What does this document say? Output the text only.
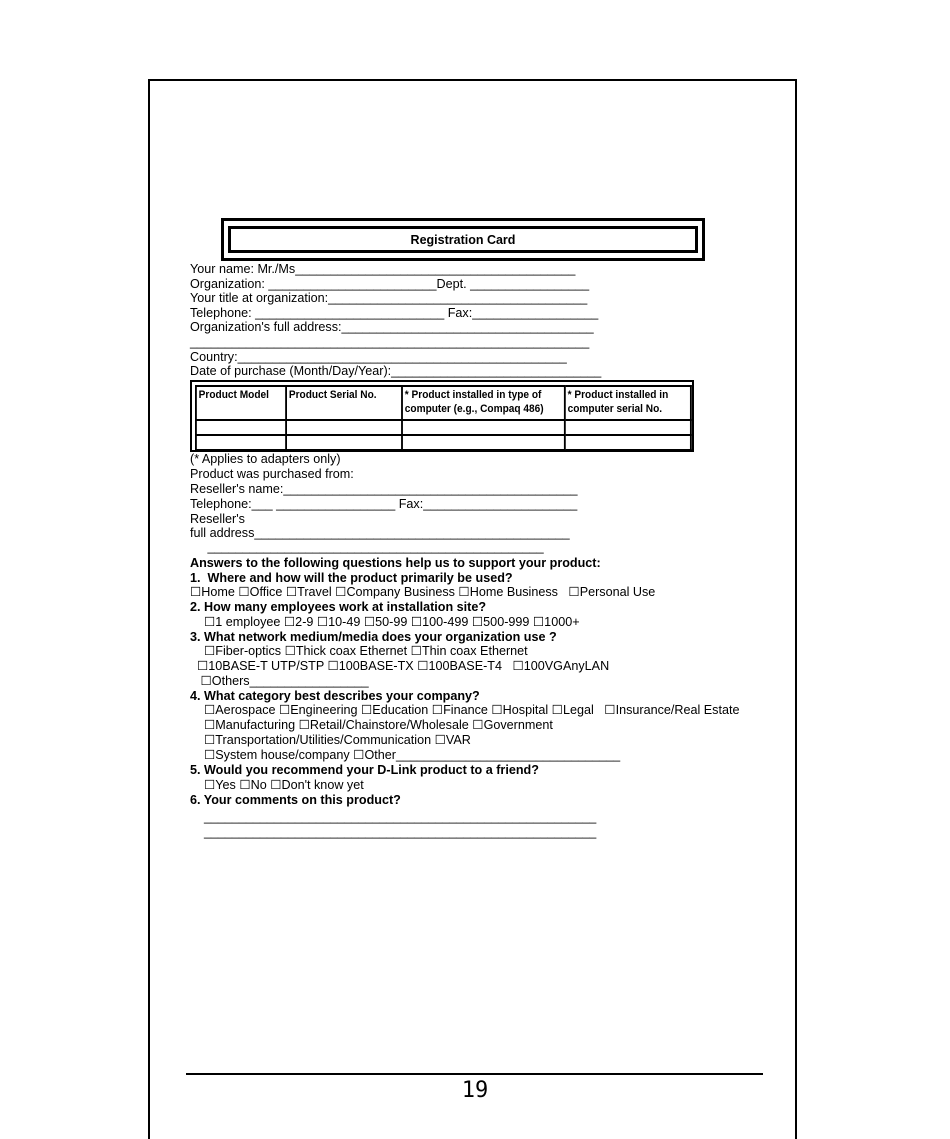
Registration Card
Your name: Mr./Ms________________________________________
Organization: ________________________Dept. _________________
Your title at organization:_____________________________________
Telephone: ___________________________ Fax:__________________
Organization's full address:____________________________________
_________________________________________________________
Country:_______________________________________________
Date of purchase (Month/Day/Year):______________________________
Product Model	Product Serial No.	* Product installed in type of computer (e.g., Compaq 486)	* Product installed in computer serial No.

(* Applies to adapters only)
Product was purchased from:
Reseller's name:__________________________________________
Telephone:___ _________________ Fax:______________________
Reseller's
full address_____________________________________________
________________________________________________
Answers to the following questions help us to support your product:
1.  Where and how will the product primarily be used?
☐Home ☐Office ☐Travel ☐Company Business ☐Home Business   ☐Personal Use
2. How many employees work at installation site?
☐1 employee ☐2-9 ☐10-49 ☐50-99 ☐100-499 ☐500-999 ☐1000+
3. What network medium/media does your organization use ?
☐Fiber-optics ☐Thick coax Ethernet ☐Thin coax Ethernet
☐10BASE-T UTP/STP ☐100BASE-TX ☐100BASE-T4   ☐100VGAnyLAN
☐Others_________________
4. What category best describes your company?
☐Aerospace ☐Engineering ☐Education ☐Finance ☐Hospital ☐Legal   ☐Insurance/Real Estate
☐Manufacturing ☐Retail/Chainstore/Wholesale ☐Government
☐Transportation/Utilities/Communication ☐VAR
☐System house/company ☐Other________________________________
5. Would you recommend your D-Link product to a friend?
☐Yes ☐No ☐Don't know yet
6. Your comments on this product?
________________________________________________________
________________________________________________________
19
